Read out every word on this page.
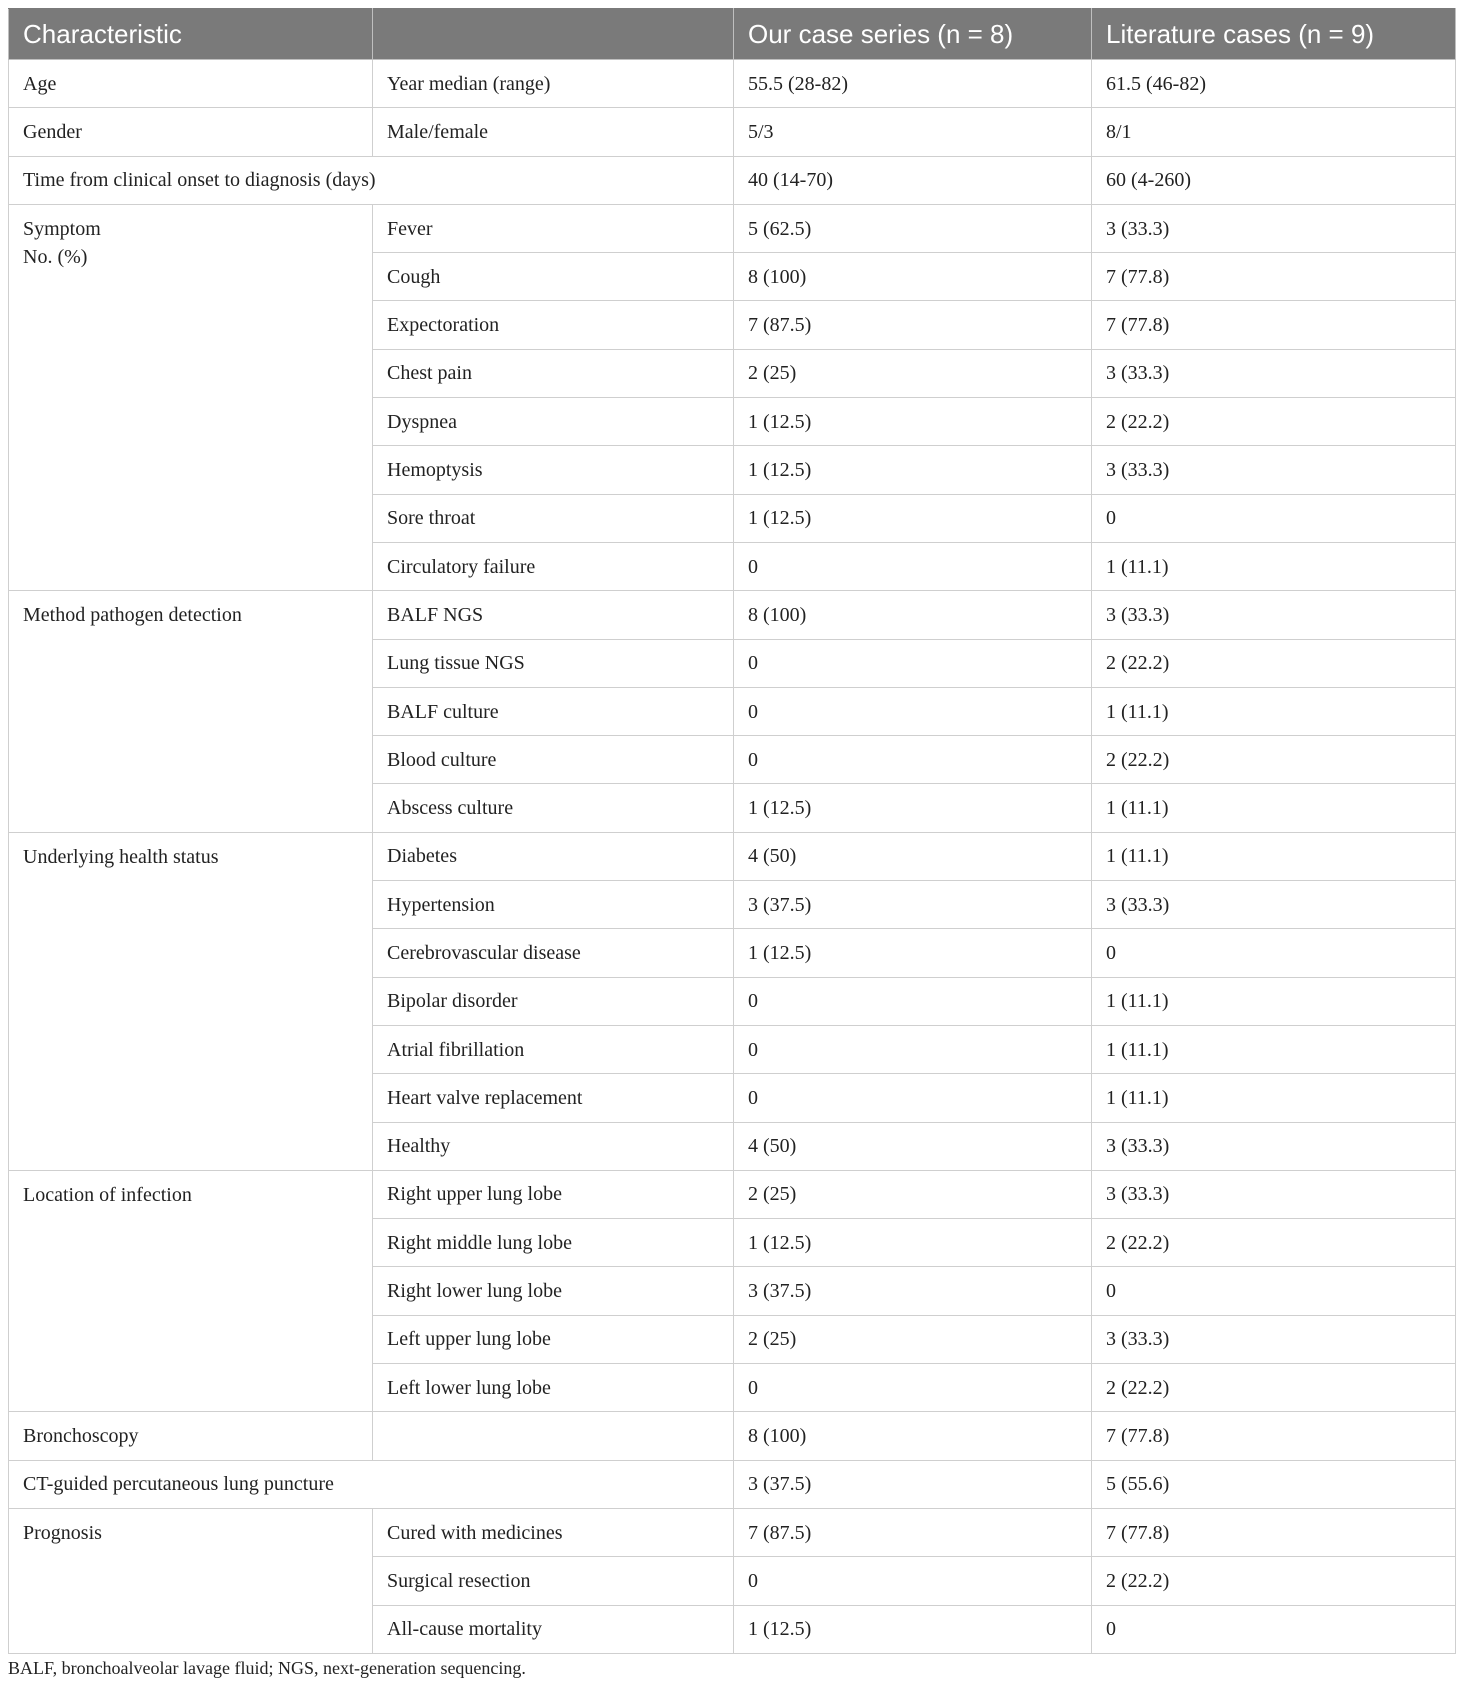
Characteristic		Our case series (n = 8)	Literature cases (n = 9)
Age	Year median (range)	55.5 (28-82)	61.5 (46-82)
Gender	Male/female	5/3	8/1
Time from clinical onset to diagnosis (days)		40 (14-70)	60 (4-260)
Symptom
No. (%)	Fever	5 (62.5)	3 (33.3)
	Cough	8 (100)	7 (77.8)
	Expectoration	7 (87.5)	7 (77.8)
	Chest pain	2 (25)	3 (33.3)
	Dyspnea	1 (12.5)	2 (22.2)
	Hemoptysis	1 (12.5)	3 (33.3)
	Sore throat	1 (12.5)	0
	Circulatory failure	0	1 (11.1)
Method pathogen detection	BALF NGS	8 (100)	3 (33.3)
	Lung tissue NGS	0	2 (22.2)
	BALF culture	0	1 (11.1)
	Blood culture	0	2 (22.2)
	Abscess culture	1 (12.5)	1 (11.1)
Underlying health status	Diabetes	4 (50)	1 (11.1)
	Hypertension	3 (37.5)	3 (33.3)
	Cerebrovascular disease	1 (12.5)	0
	Bipolar disorder	0	1 (11.1)
	Atrial fibrillation	0	1 (11.1)
	Heart valve replacement	0	1 (11.1)
	Healthy	4 (50)	3 (33.3)
Location of infection	Right upper lung lobe	2 (25)	3 (33.3)
	Right middle lung lobe	1 (12.5)	2 (22.2)
	Right lower lung lobe	3 (37.5)	0
	Left upper lung lobe	2 (25)	3 (33.3)
	Left lower lung lobe	0	2 (22.2)
Bronchoscopy		8 (100)	7 (77.8)
CT-guided percutaneous lung puncture		3 (37.5)	5 (55.6)
Prognosis	Cured with medicines	7 (87.5)	7 (77.8)
	Surgical resection	0	2 (22.2)
	All-cause mortality	1 (12.5)	0
BALF, bronchoalveolar lavage fluid; NGS, next-generation sequencing.
